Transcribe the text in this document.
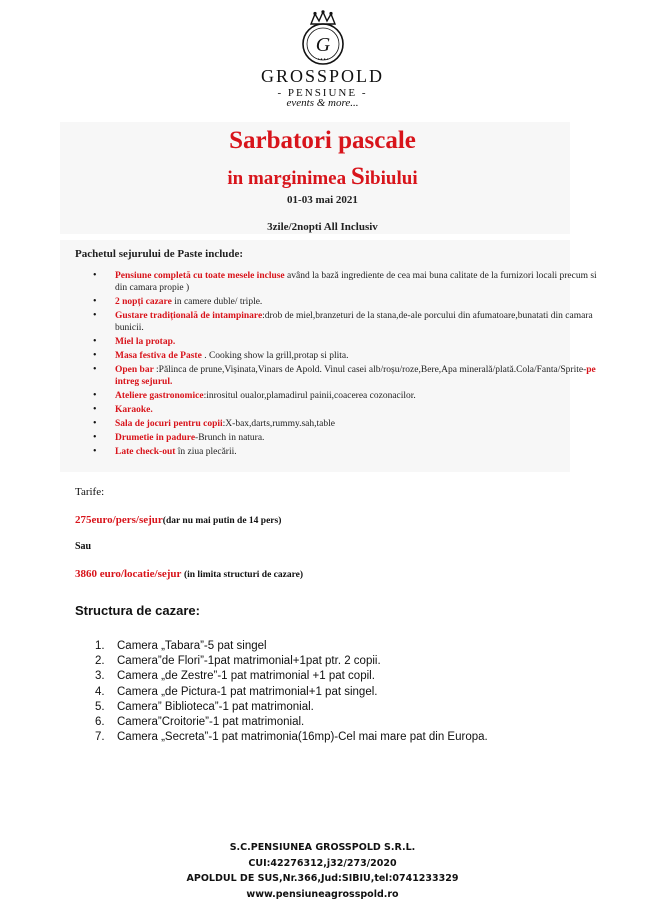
G
● ● ● ●
GROSSPOLD
- PENSIUNE -
events & more...
Sarbatori pascale
in marginimea Sibiului
01-03 mai 2021
3zile/2nopti All Inclusiv
Pachetul sejurului de Paste include:
• Pensiune completă cu toate mesele incluse având la bază ingrediente de cea mai buna calitate de la furnizori locali precum si din camara propie )
• 2 nopți cazare in camere duble/ triple.
• Gustare tradițională de intampinare:drob de miel,branzeturi de la stana,de-ale porcului din afumatoare,bunatati din camara bunicii.
• Miel la protap.
• Masa festiva de Paste . Cooking show la grill,protap si plita.
• Open bar :Pălinca de prune,Vișinata,Vinars de Apold. Vinul casei alb/roșu/roze,Bere,Apa minerală/plată.Cola/Fanta/Sprite-pe intreg sejurul.
• Ateliere gastronomice:inrositul oualor,plamadirul painii,coacerea cozonacilor.
• Karaoke.
• Sala de jocuri pentru copii:X-bax,darts,rummy.sah,table
• Drumetie in padure-Brunch in natura.
• Late check-out în ziua plecării.
Tarife:
275euro/pers/sejur(dar nu mai putin de 14 pers)
Sau
3860 euro/locatie/sejur (in limita structuri de cazare)
Structura de cazare:
1. Camera „Tabara”-5 pat singel
2. Camera”de Flori”-1pat matrimonial+1pat ptr. 2 copii.
3. Camera „de Zestre”-1 pat matrimonial +1 pat copil.
4. Camera „de Pictura-1 pat matrimonial+1 pat singel.
5. Camera” Biblioteca”-1 pat matrimonial.
6. Camera”Croitorie”-1 pat matrimonial.
7. Camera „Secreta”-1 pat matrimonia(16mp)-Cel mai mare pat din Europa.
S.C.PENSIUNEA GROSSPOLD S.R.L.
CUI:42276312,j32/273/2020
APOLDUL DE SUS,Nr.366,Jud:SIBIU,tel:0741233329
www.pensiuneagrosspold.ro
